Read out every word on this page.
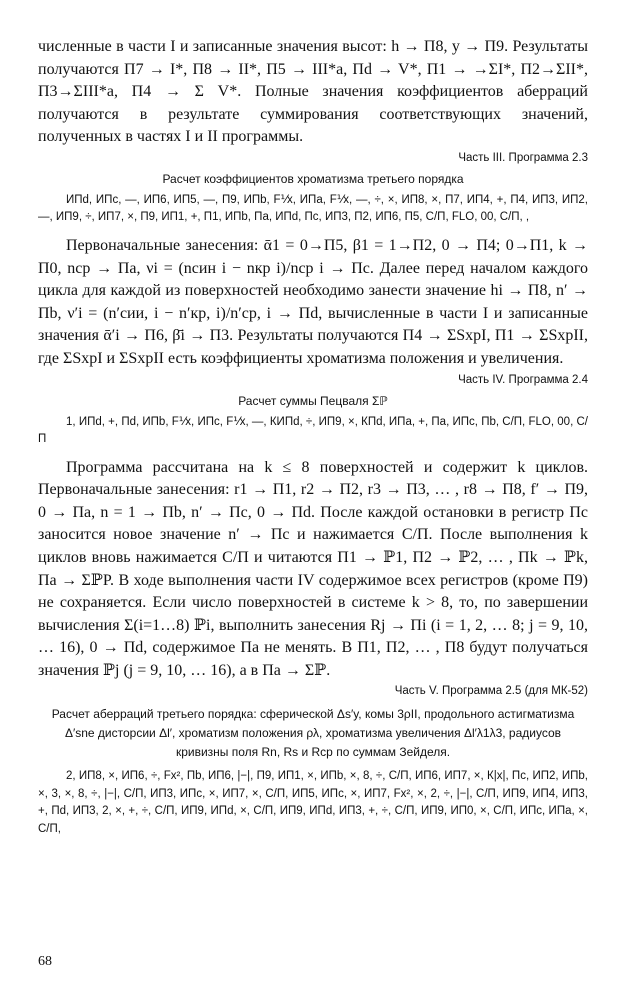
численные в части I и записанные значения высот: h → П8, y → П9. Результаты получаются П7 → I*, П8 → II*, П5 → III*a, Пd → V*, П1 → →ΣI*, П2→ΣII*, П3→ΣIII*a, П4 → Σ V*. Полные значения коэффициентов аберраций получаются в результате суммирования соответствующих значений, полученных в частях I и II программы.

Часть III. Программа 2.3
Расчет коэффициентов хроматизма третьего порядка

ИПd, ИПc, —, ИП6, ИП5, —, П9, ИПb, F⅟x, ИПa, F⅟x, —, ÷, ×, ИП8, ×, П7, ИП4, +, П4, ИП3, ИП2, —, ИП9, ÷, ИП7, ×, П9, ИП1, +, П1, ИПb, Пa, ИПd, Пc, ИП3, П2, ИП6, П5, С/П, FLO, 00, С/П, ,

Первоначальные занесения: ᾱ1 = 0→П5, β1 = 1→П2, 0 → П4; 0→П1, k → П0, nср → Пa, νi = (nсин i − nкр i)/nср i → Пс. Далее перед началом каждого цикла для каждой из поверхностей необходимо занести значение hi → П8, n′ → Пb, ν′i = (n′сии, i − n′кр, i)/n′ср, i → Пd, вычисленные в части I и записанные значения ᾱ′i → П6, β̄i → П3. Результаты получаются П4 → ΣSxpI, П1 → ΣSxpII, где ΣSxpI и ΣSxpII есть коэффициенты хроматизма положения и увеличения.

Часть IV. Программа 2.4
Расчет суммы Пецваля Σℙ

1, ИПd, +, Пd, ИПb, F⅟x, ИПc, F⅟x, —, КИПd, ÷, ИП9, ×, КПd, ИПa, +, Пa, ИПc, Пb, С/П, FLO, 00, С/П

Программа рассчитана на k ≤ 8 поверхностей и содержит k циклов. Первоначальные занесения: r1 → П1, r2 → П2, r3 → П3, … , r8 → П8, f′ → П9, 0 → Пa, n = 1 → Пb, n′ → Пс, 0 → Пd. После каждой остановки в регистр Пс заносится новое значение n′ → Пс и нажимается С/П. После выполнения k циклов вновь нажимается С/П и читаются П1 → ℙ1, П2 → ℙ2, … , Пk → ℙk, Пa → ΣℙP. В ходе выполнения части IV содержимое всех регистров (кроме П9) не сохраняется. Если число поверхностей в системе k > 8, то, по завершении вычисления Σ(i=1…8) ℙi, выполнить занесения Rj → Пi (i = 1, 2, … 8; j = 9, 10, … 16), 0 → Пd, содержимое Пa не менять. В П1, П2, … , П8 будут получаться значения ℙj (j = 9, 10, … 16), а в Пa → Σℙ.

Часть V. Программа 2.5 (для МК-52)
Расчет аберраций третьего порядка: сферической Δs′y, комы 3ρII, продольного астигматизма Δ′sne дисторсии Δl′, хроматизм положения ρλ, хроматизма увеличения Δl′λ1λ3, радиусов кривизны поля Rn, Rs и Rср по суммам Зейделя.

2, ИП8, ×, ИП6, ÷, Fx², Пb, ИП6, |−|, П9, ИП1, ×, ИПb, ×, 8, ÷, С/П, ИП6, ИП7, ×, К|x|, Пc, ИП2, ИПb, ×, 3, ×, 8, ÷, |−|, С/П, ИП3, ИПc, ×, ИП7, ×, С/П, ИП5, ИПc, ×, ИП7, Fx², ×, 2, ÷, |−|, С/П, ИП9, ИП4, ИП3, +, Пd, ИП3, 2, ×, +, ÷, С/П, ИП9, ИПd, ×, С/П, ИП9, ИПd, ИП3, +, ÷, С/П, ИП9, ИП0, ×, С/П, ИПc, ИПa, ×, С/П,

68
